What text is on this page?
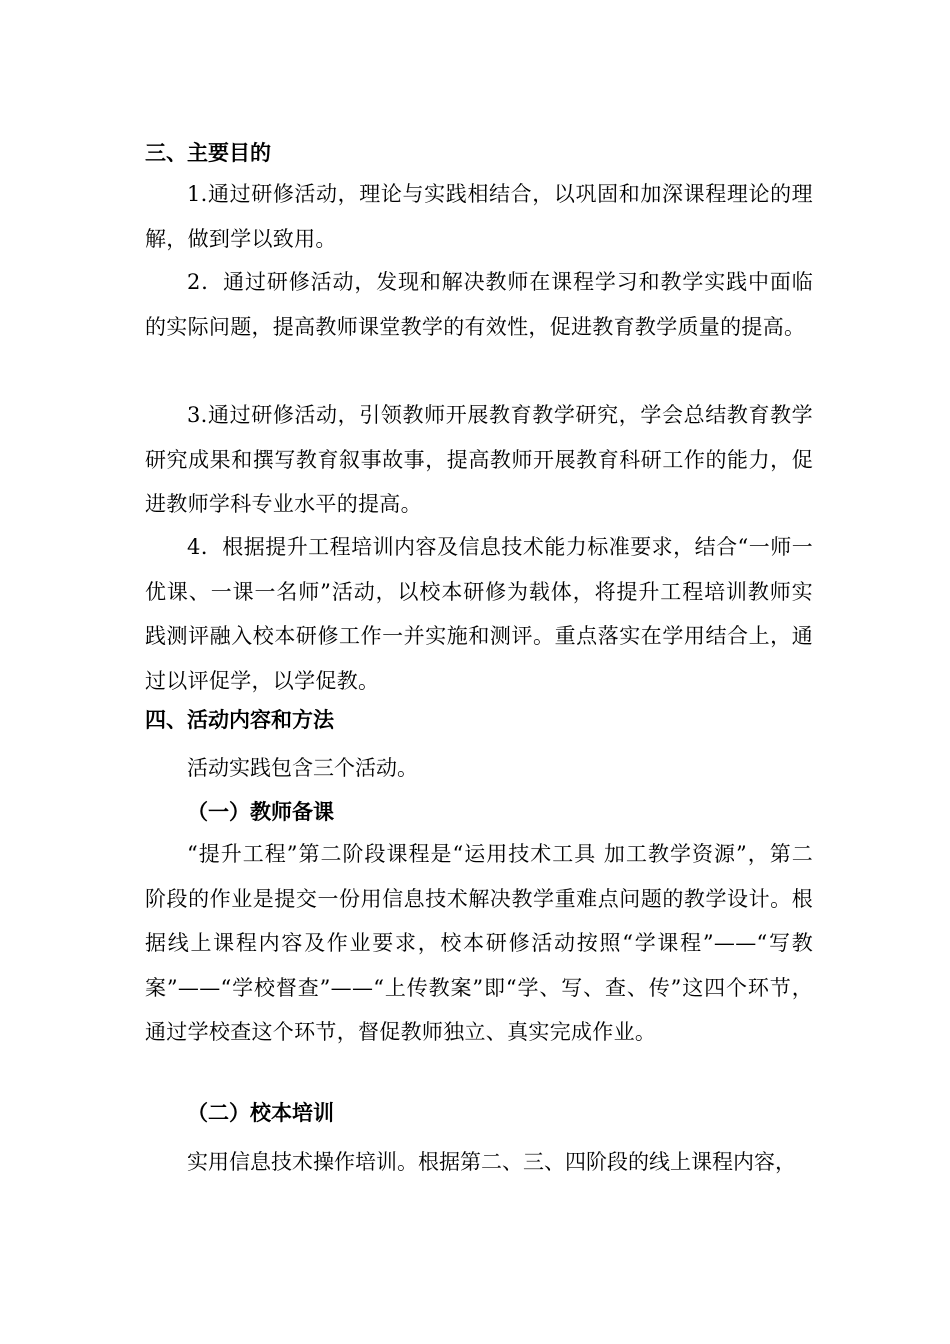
三、主要目的
1.通过研修活动，理论与实践相结合，以巩固和加深课程理论的理解，做到学以致用。
2．通过研修活动，发现和解决教师在课程学习和教学实践中面临的实际问题，提高教师课堂教学的有效性，促进教育教学质量的提高。
3.通过研修活动，引领教师开展教育教学研究，学会总结教育教学研究成果和撰写教育叙事故事，提高教师开展教育科研工作的能力，促进教师学科专业水平的提高。
4．根据提升工程培训内容及信息技术能力标准要求，结合“一师一优课、一课一名师”活动，以校本研修为载体，将提升工程培训教师实践测评融入校本研修工作一并实施和测评。重点落实在学用结合上，通过以评促学，以学促教。
四、活动内容和方法
活动实践包含三个活动。
（一）教师备课
“提升工程”第二阶段课程是“运用技术工具 加工教学资源”，第二阶段的作业是提交一份用信息技术解决教学重难点问题的教学设计。根据线上课程内容及作业要求，校本研修活动按照“学课程”——“写教案”——“学校督查”——“上传教案”即“学、写、查、传”这四个环节，通过学校查这个环节，督促教师独立、真实完成作业。
（二）校本培训
实用信息技术操作培训。根据第二、三、四阶段的线上课程内容，
